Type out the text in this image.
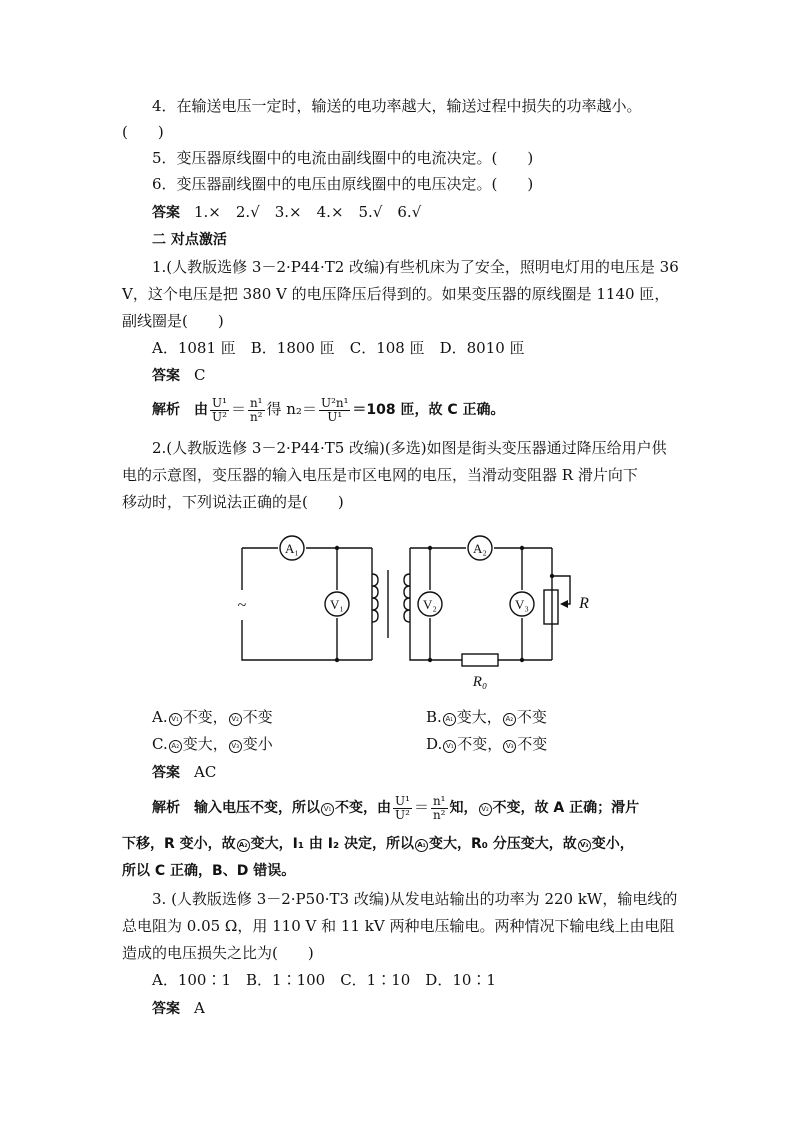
4．在输送电压一定时，输送的电功率越大，输送过程中损失的功率越小。
(　　)
5．变压器原线圈中的电流由副线圈中的电流决定。(　　)
6．变压器副线圈中的电压由原线圈中的电压决定。(　　)
答案 1.×　2.√　3.×　4.×　5.√　6.√
二 对点激活
1.(人教版选修 3－2·P44·T2 改编)有些机床为了安全，照明电灯用的电压是 36
V，这个电压是把 380 V 的电压降压后得到的。如果变压器的原线圈是 1140 匝，
副线圈是(　　)
A．1081 匝　B．1800 匝　C．108 匝　D．8010 匝
答案 C
解析 由 $\frac{\text{U¹}}{\text{U²}} = \frac{\text{n¹}}{\text{n²}}$ 得 $n_2= \frac{\text{U²n¹}}{\text{U¹}} =108$ 匝，故 C 正确。
2.(人教版选修 3－2·P44·T5 改编)(多选)如图是街头变压器通过降压给用户供
电的示意图，变压器的输入电压是市区电网的电压，当滑动变阻器 R 滑片向下
移动时，下列说法正确的是(　　)
A₁	A₂
V₁	V₂	V₃	R
R₀
~
A. V₁ 不变， V₂ 不变	B. A₁ 变大， A₂ 不变
C. A₂ 变大， V₃ 变小	D. V₁ 不变， V₃ 不变
答案 AC
解析 输入电压不变，所以 V₁ 不变，由 $\frac{\text{U¹}}{\text{U²}} = \frac{\text{n¹}}{\text{n²}}$ 知， V₂ 不变，故 A 正确；滑片
下移，R 变小，故 A₂ 变大，I₁ 由 I₂ 决定，所以 A₁ 变大，R₀ 分压变大，故 V₃ 变小，
所以 C 正确，B、D 错误。
3. (人教版选修 3－2·P50·T3 改编)从发电站输出的功率为 220 kW，输电线的
总电阻为 0.05 Ω，用 110 V 和 11 kV 两种电压输电。两种情况下输电线上由电阻
造成的电压损失之比为(　　)
A．100∶1　B．1∶100　C．1∶10　D．10∶1
答案 A
